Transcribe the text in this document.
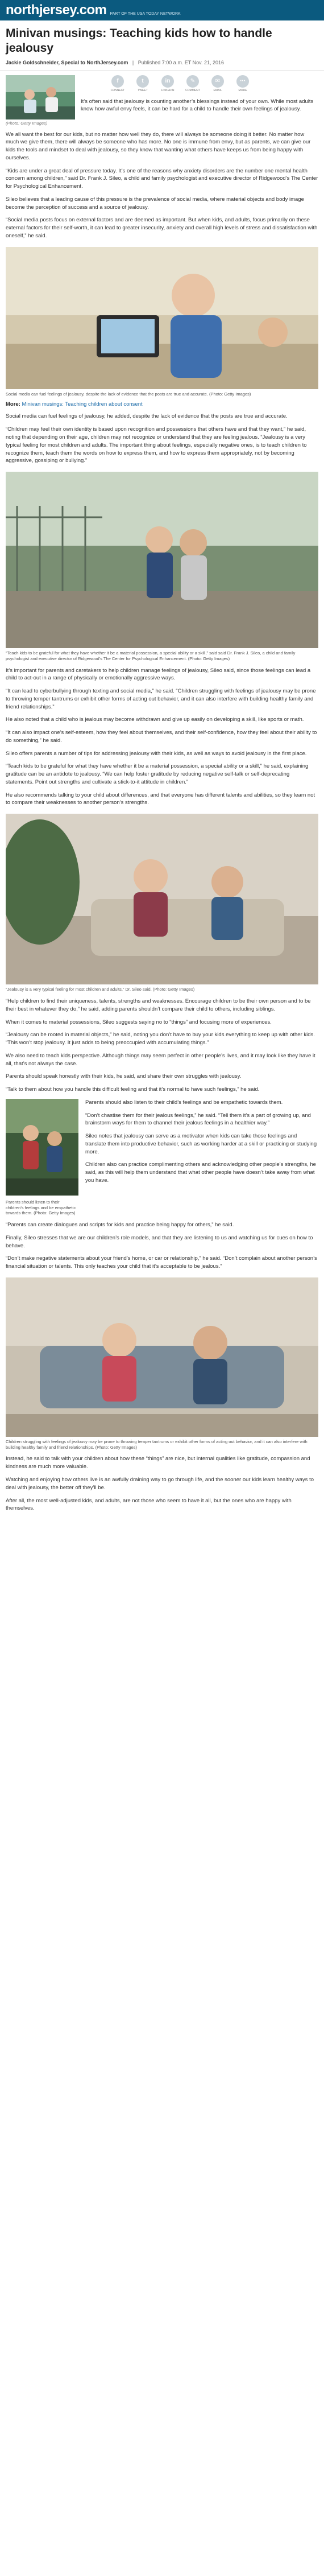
northjersey.com PART OF THE USA TODAY NETWORK
Minivan musings: Teaching kids how to handle jealousy
Jackie Goldschneider, Special to NorthJersey.com   |   Published 7:00 a.m. ET Nov. 21, 2016
f
CONNECT
t
TWEET
in
LINKEDIN
✎
COMMENT
✉
EMAIL
⋯
MORE

It’s often said that jealousy is counting another’s blessings instead of your own. While most adults know how awful envy feels, it can be hard for a child to handle their own feelings of jealousy.

(Photo: Getty Images)

We all want the best for our kids, but no matter how well they do, there will always be someone doing it better. No matter how much we give them, there will always be someone who has more. No one is immune from envy, but as parents, we can give our kids the tools and mindset to deal with jealousy, so they know that wanting what others have keeps us from being happy with ourselves.

“Kids are under a great deal of pressure today. It’s one of the reasons why anxiety disorders are the number one mental health concern among children,” said Dr. Frank J. Sileo, a child and family psychologist and executive director of Ridgewood’s The Center for Psychological Enhancement.

Sileo believes that a leading cause of this pressure is the prevalence of social media, where material objects and body image become the perception of success and a source of jealousy.

“Social media posts focus on external factors and are deemed as important. But when kids, and adults, focus primarily on these external factors for their self-worth, it can lead to greater insecurity, anxiety and overall high levels of stress and dissatisfaction with oneself,” he said.

Social media can fuel feelings of jealousy, despite the lack of evidence that the posts are true and accurate. (Photo: Getty Images)
More: Minivan musings: Teaching children about consent

Social media can fuel feelings of jealousy, he added, despite the lack of evidence that the posts are true and accurate.

“Children may feel their own identity is based upon recognition and possessions that others have and that they want,” he said, noting that depending on their age, children may not recognize or understand that they are feeling jealous. “Jealousy is a very typical feeling for most children and adults. The important thing about feelings, especially negative ones, is to teach children to recognize them, teach them the words on how to express them, and how to express them appropriately, not by becoming aggressive, gossiping or bullying.”

“Teach kids to be grateful for what they have whether it be a material possession, a special ability or a skill,” said said Dr. Frank J. Sileo, a child and family psychologist and executive director of Ridgewood’s The Center for Psychological Enhancement. (Photo: Getty Images)

It’s important for parents and caretakers to help children manage feelings of jealousy, Sileo said, since those feelings can lead a child to act-out in a range of physically or emotionally aggressive ways.

“It can lead to cyberbullying through texting and social media,” he said. “Children struggling with feelings of jealousy may be prone to throwing temper tantrums or exhibit other forms of acting out behavior, and it can also interfere with building healthy family and friend relationships.”

He also noted that a child who is jealous may become withdrawn and give up easily on developing a skill, like sports or math.

“It can also impact one’s self-esteem, how they feel about themselves, and their self-confidence, how they feel about their ability to do something,” he said.

Sileo offers parents a number of tips for addressing jealousy with their kids, as well as ways to avoid jealousy in the first place.

“Teach kids to be grateful for what they have whether it be a material possession, a special ability or a skill,” he said, explaining gratitude can be an antidote to jealousy. “We can help foster gratitude by reducing negative self-talk or self-deprecating statements. Point out strengths and cultivate a stick-to-it attitude in children.”

He also recommends talking to your child about differences, and that everyone has different talents and abilities, so they learn not to compare their weaknesses to another person’s strengths.

“Jealousy is a very typical feeling for most children and adults,” Dr. Sileo said. (Photo: Getty Images)

“Help children to find their uniqueness, talents, strengths and weaknesses. Encourage children to be their own person and to be their best in whatever they do,” he said, adding parents shouldn’t compare their child to others, including siblings.

When it comes to material possessions, Sileo suggests saying no to “things” and focusing more of experiences.

“Jealousy can be rooted in material objects,” he said, noting you don’t have to buy your kids everything to keep up with other kids. “This won’t stop jealousy. It just adds to being preoccupied with accumulating things.”

We also need to teach kids perspective. Although things may seem perfect in other people’s lives, and it may look like they have it all, that’s not always the case.

Parents should speak honestly with their kids, he said, and share their own struggles with jealousy.

“Talk to them about how you handle this difficult feeling and that it’s normal to have such feelings,” he said.

Parents should listen to their children’s feelings and be empathetic towards them. (Photo: Getty Images)

Parents should also listen to their child’s feelings and be empathetic towards them.

“Don’t chastise them for their jealous feelings,” he said. “Tell them it’s a part of growing up, and brainstorm ways for them to channel their jealous feelings in a healthier way.”

Sileo notes that jealousy can serve as a motivator when kids can take those feelings and translate them into productive behavior, such as working harder at a skill or practicing or studying more.

Children also can practice complimenting others and acknowledging other people’s strengths, he said, as this will help them understand that what other people have doesn’t take away from what you have.

“Parents can create dialogues and scripts for kids and practice being happy for others,” he said.

Finally, Sileo stresses that we are our children’s role models, and that they are listening to us and watching us for cues on how to behave.

“Don’t make negative statements about your friend’s home, or car or relationship,” he said. “Don’t complain about another person’s financial situation or talents. This only teaches your child that it’s acceptable to be jealous.”

Children struggling with feelings of jealousy may be prone to throwing temper tantrums or exhibit other forms of acting out behavior, and it can also interfere with building healthy family and friend relationships. (Photo: Getty Images)

Instead, he said to talk with your children about how these “things” are nice, but internal qualities like gratitude, compassion and kindness are much more valuable.

Watching and enjoying how others live is an awfully draining way to go through life, and the sooner our kids learn healthy ways to deal with jealousy, the better off they’ll be.

After all, the most well-adjusted kids, and adults, are not those who seem to have it all, but the ones who are happy with themselves.
